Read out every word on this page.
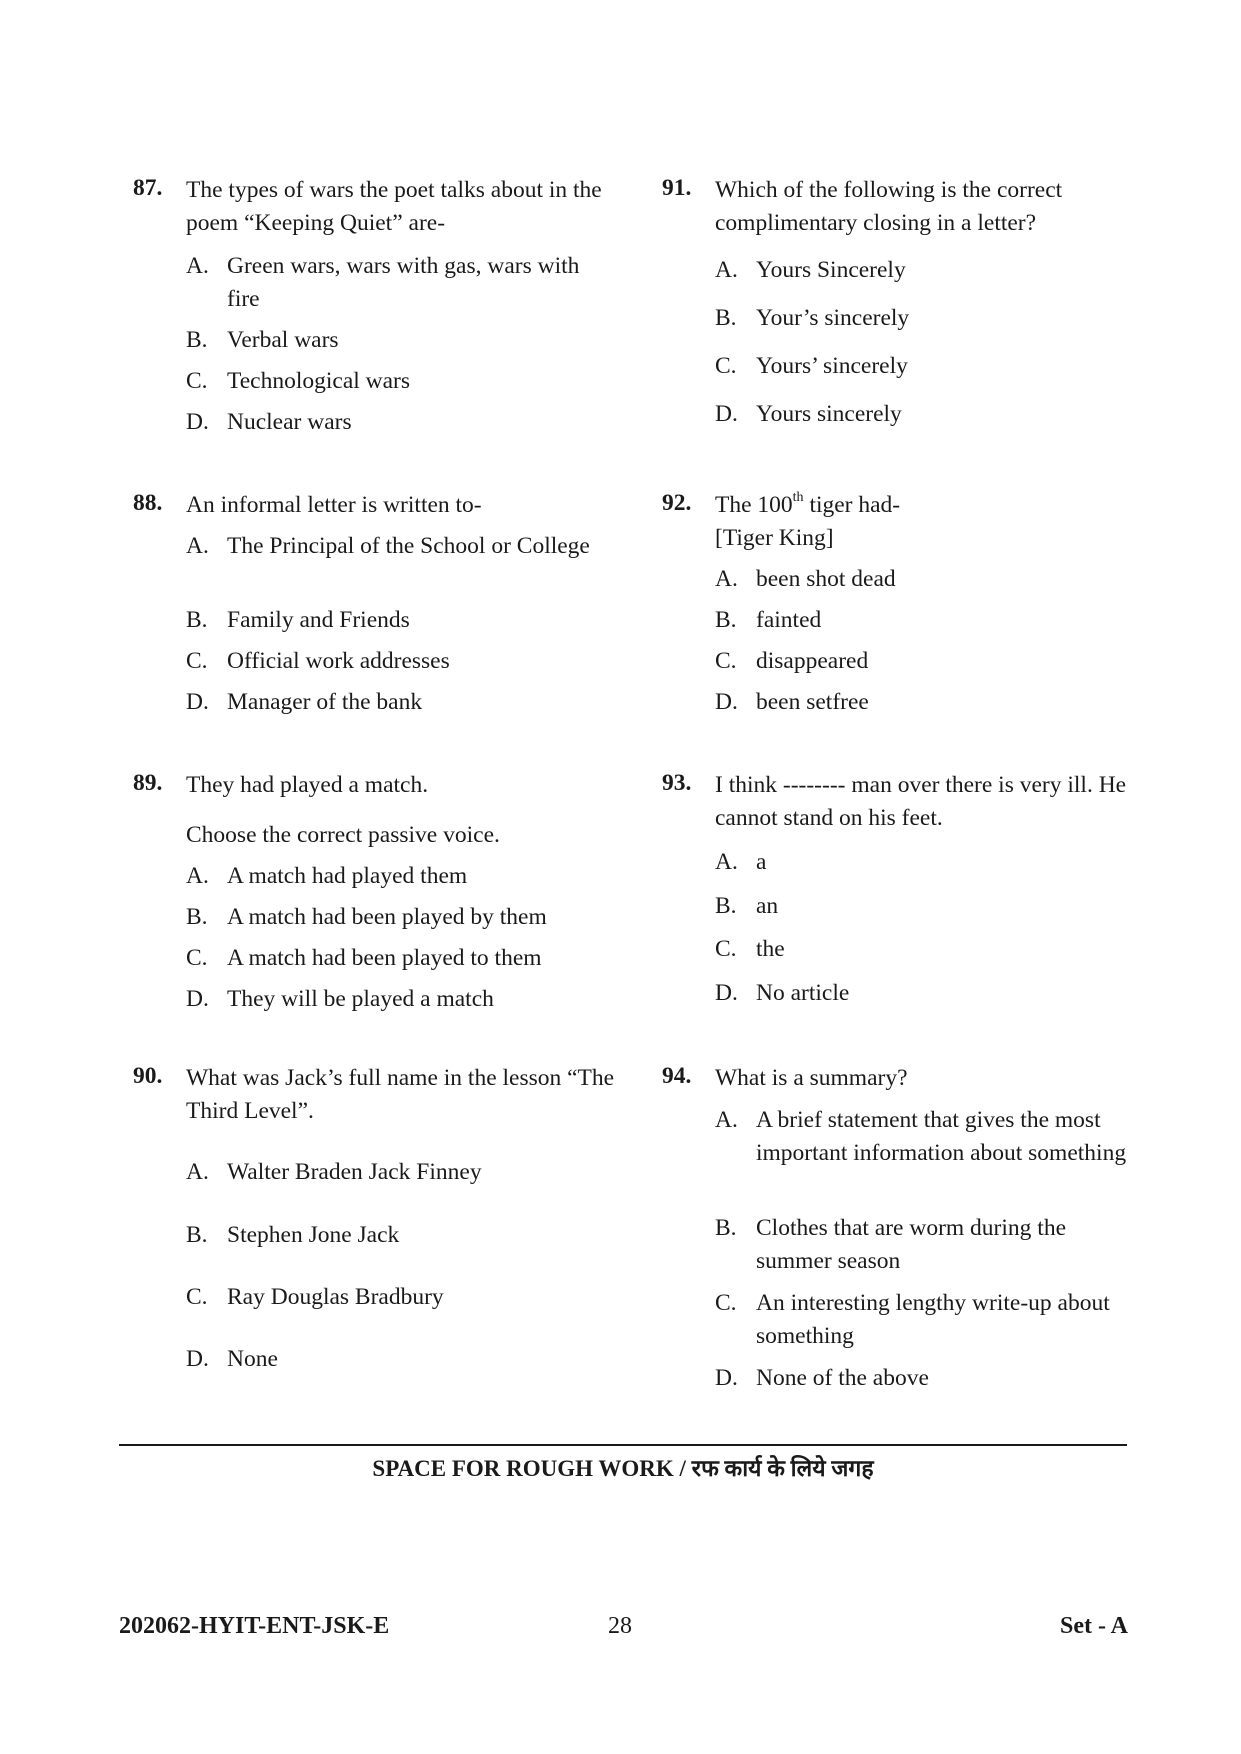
87. The types of wars the poet talks about in the poem “Keeping Quiet” are-

A. Green wars, wars with gas, wars with fire
B. Verbal wars
C. Technological wars
D. Nuclear wars
88. An informal letter is written to-

A. The Principal of the School or College
B. Family and Friends
C. Official work addresses
D. Manager of the bank
89. They had played a match.

Choose the correct passive voice.

A. A match had played them
B. A match had been played by them
C. A match had been played to them
D. They will be played a match
90. What was Jack’s full name in the lesson “The Third Level”.

A. Walter Braden Jack Finney
B. Stephen Jone Jack
C. Ray Douglas Bradbury
D. None
91. Which of the following is the correct complimentary closing in a letter?

A. Yours Sincerely
B. Your’s sincerely
C. Yours’ sincerely
D. Yours sincerely
92. The 100th tiger had-

[Tiger King]

A. been shot dead
B. fainted
C. disappeared
D. been setfree
93. I think -------- man over there is very ill. He cannot stand on his feet.

A. a
B. an
C. the
D. No article
94. What is a summary?

A. A brief statement that gives the most important information about something
B. Clothes that are worm during the summer season
C. An interesting lengthy write-up about something
D. None of the above
SPACE FOR ROUGH WORK / रफ कार्य के लिये जगह
202062-HYIT-ENT-JSK-E	28	Set - A
